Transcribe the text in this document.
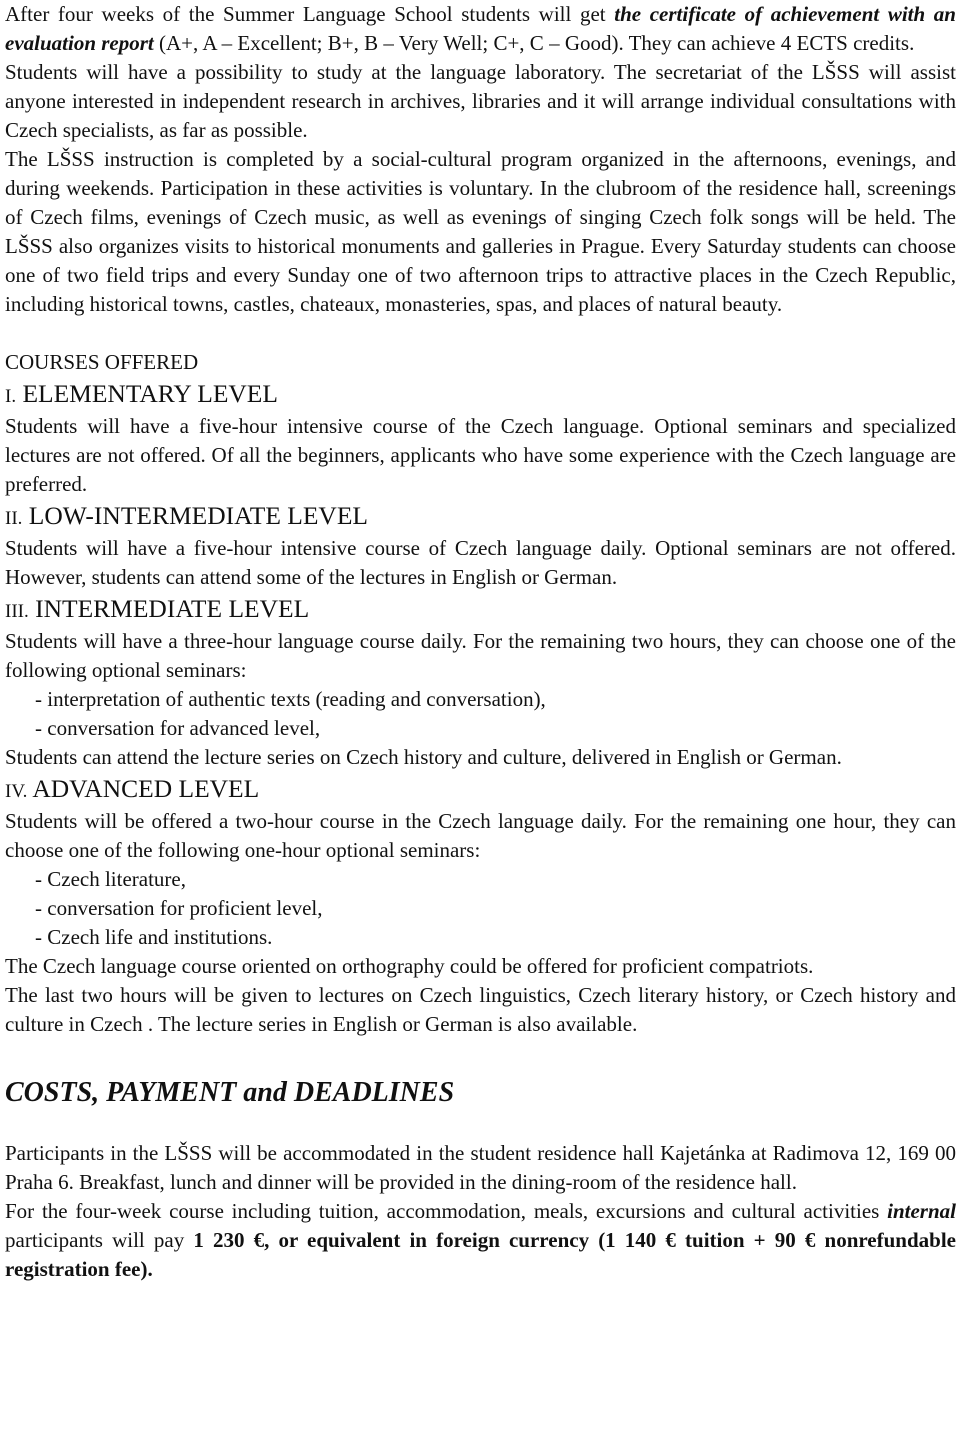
After four weeks of the Summer Language School students will get the certificate of achievement with an evaluation report (A+, A – Excellent; B+, B – Very Well; C+, C – Good). They can achieve 4 ECTS credits.

Students will have a possibility to study at the language laboratory. The secretariat of the LŠSS will assist anyone interested in independent research in archives, libraries and it will arrange individual consultations with Czech specialists, as far as possible.

The LŠSS instruction is completed by a social-cultural program organized in the afternoons, evenings, and during weekends. Participation in these activities is voluntary. In the clubroom of the residence hall, screenings of Czech films, evenings of Czech music, as well as evenings of singing Czech folk songs will be held. The LŠSS also organizes visits to historical monuments and galleries in Prague. Every Saturday students can choose one of two field trips and every Sunday one of two afternoon trips to attractive places in the Czech Republic, including historical towns, castles, chateaux, monasteries, spas, and places of natural beauty.

COURSES OFFERED

I. ELEMENTARY LEVEL

Students will have a five-hour intensive course of the Czech language. Optional seminars and specialized lectures are not offered. Of all the beginners, applicants who have some experience with the Czech language are preferred.

II. LOW-INTERMEDIATE LEVEL

Students will have a five-hour intensive course of Czech language daily. Optional seminars are not offered. However, students can attend some of the lectures in English or German.

III. INTERMEDIATE LEVEL

Students will have a three-hour language course daily. For the remaining two hours, they can choose one of the following optional seminars:

- interpretation of authentic texts (reading and conversation),

- conversation for advanced level,

Students can attend the lecture series on Czech history and culture, delivered in English or German.

IV. ADVANCED LEVEL

Students will be offered a two-hour course in the Czech language daily. For the remaining one hour, they can choose one of the following one-hour optional seminars:

- Czech literature,

- conversation for proficient level,

- Czech life and institutions.

The Czech language course oriented on orthography could be offered for proficient compatriots.

The last two hours will be given to lectures on Czech linguistics, Czech literary history, or Czech history and culture in Czech . The lecture series in English or German is also available.

COSTS, PAYMENT and DEADLINES

Participants in the LŠSS will be accommodated in the student residence hall Kajetánka at Radimova 12, 169 00 Praha 6. Breakfast, lunch and dinner will be provided in the dining-room of the residence hall.

For the four-week course including tuition, accommodation, meals, excursions and cultural activities internal participants will pay 1 230 €, or equivalent in foreign currency (1 140 € tuition + 90 € nonrefundable registration fee).
